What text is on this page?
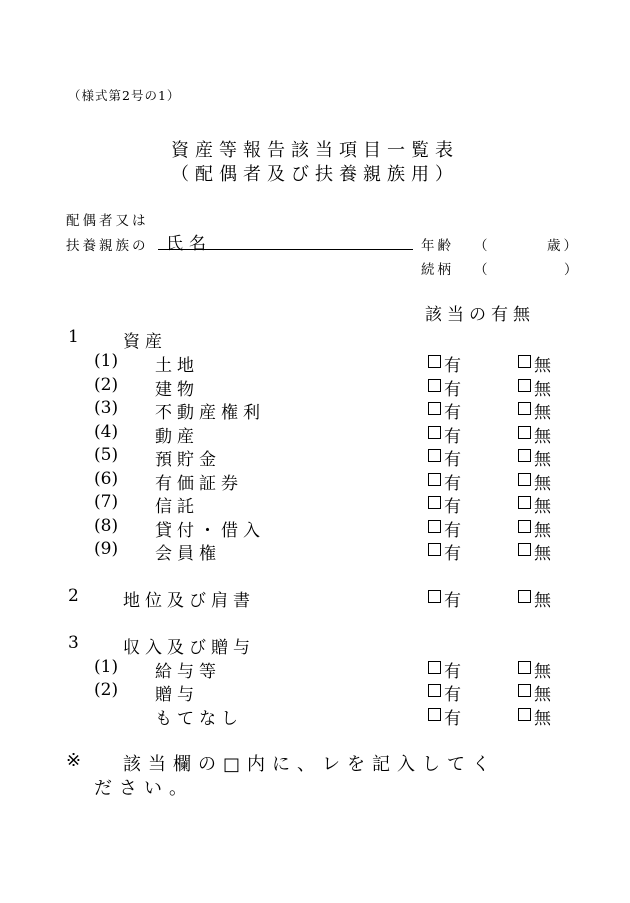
（様式第2号の1）
資産等報告該当項目一覧表
（配偶者及び扶養親族用）
配偶者又は
扶養親族の 氏名	年齢 （	歳）
続柄 （	）
該当の有無
1	資産
(1) 土地	有	無
(2) 建物	有	無
(3) 不動産権利	有	無
(4) 動産	有	無
(5) 預貯金	有	無
(6) 有価証券	有	無
(7) 信託	有	無
(8) 貸付・借入	有	無
(9) 会員権	有	無
2	地位及び肩書	有	無
3	収入及び贈与
(1) 給与等	有	無
(2) 贈与	有	無
もてなし	有	無
※ 該当欄の□内に、レを記入してく
ださい。
